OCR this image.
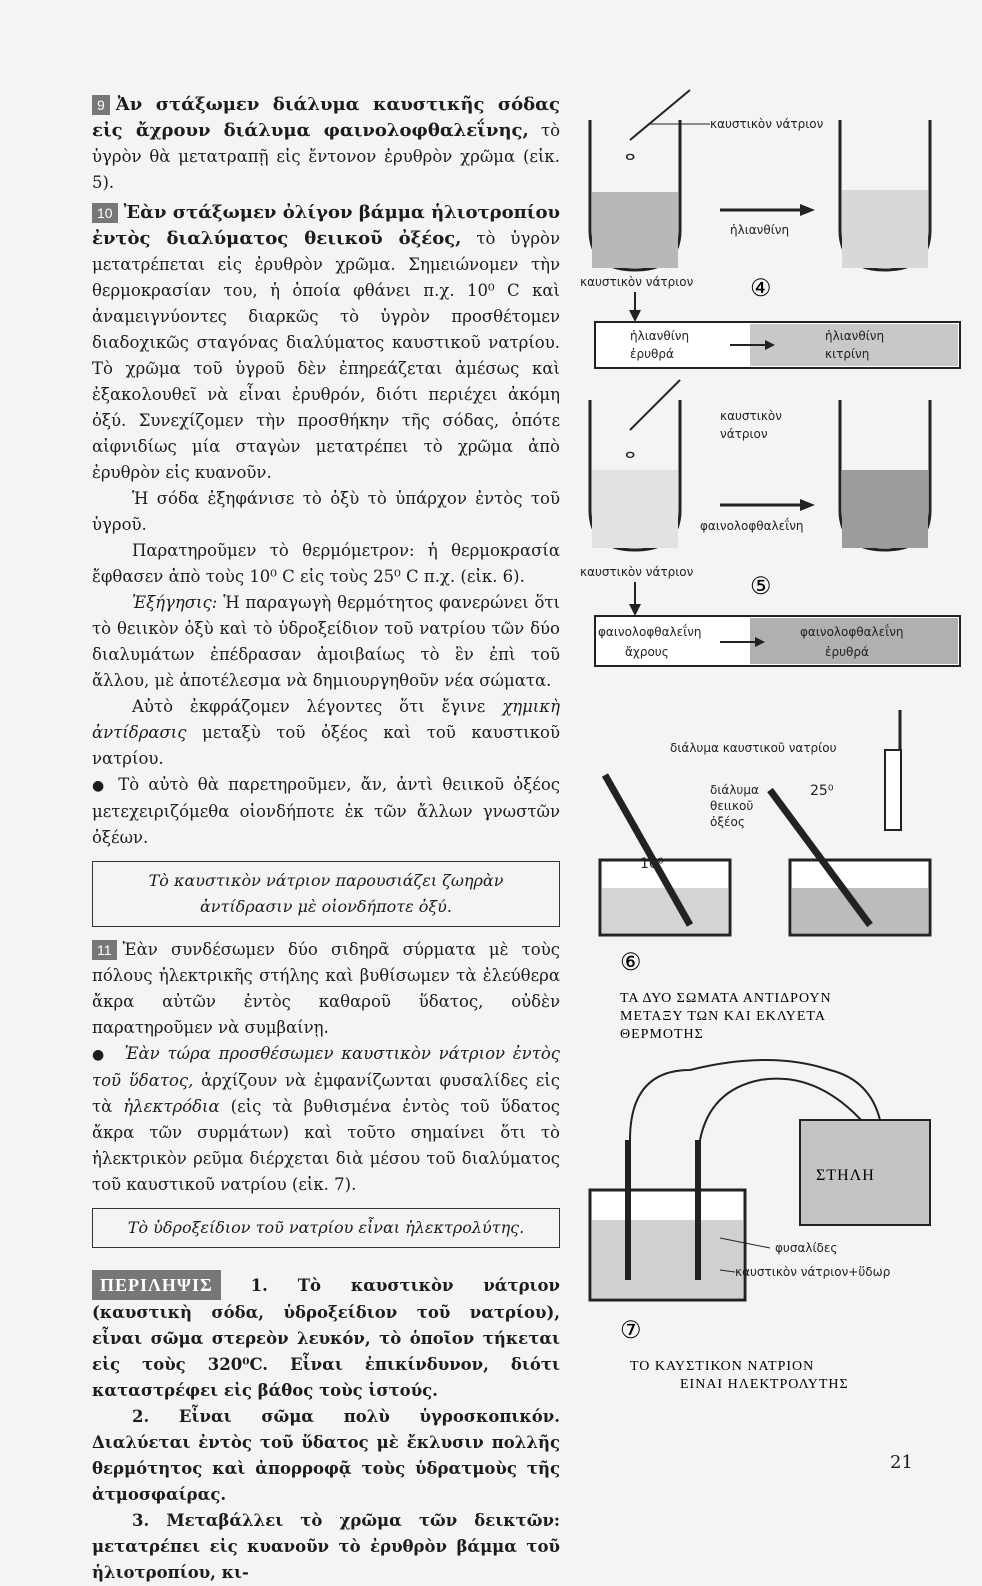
9 Ἀν στάξωμεν διάλυμα καυστικῆς σόδας εἰς ἄχρουν διάλυμα φαινολοφθαλεΐνης, τὸ ὑγρὸν θὰ μετατραπῇ εἰς ἔντονον ἐρυθρὸν χρῶμα (εἰκ. 5).

10 Ἐὰν στάξωμεν ὀλίγον βάμμα ἡλιοτροπίου ἐντὸς διαλύματος θειικοῦ ὀξέος, τὸ ὑγρὸν μετατρέπεται εἰς ἐρυθρὸν χρῶμα. Σημειώνομεν τὴν θερμοκρασίαν του, ἡ ὁποία φθάνει π.χ. 10⁰ C καὶ ἀναμειγνύοντες διαρκῶς τὸ ὑγρὸν προσθέτομεν διαδοχικῶς σταγόνας διαλύματος καυστικοῦ νατρίου. Τὸ χρῶμα τοῦ ὑγροῦ δὲν ἐπηρεάζεται ἀμέσως καὶ ἐξακολουθεῖ νὰ εἶναι ἐρυθρόν, διότι περιέχει ἀκόμη ὀξύ. Συνεχίζομεν τὴν προσθήκην τῆς σόδας, ὁπότε αἰφνιδίως μία σταγὼν μετατρέπει τὸ χρῶμα ἀπὸ ἐρυθρὸν εἰς κυανοῦν.

Ἡ σόδα ἐξηφάνισε τὸ ὀξὺ τὸ ὑπάρχον ἐντὸς τοῦ ὑγροῦ.

Παρατηροῦμεν τὸ θερμόμετρον: ἡ θερμοκρασία ἔφθασεν ἀπὸ τοὺς 10⁰ C εἰς τοὺς 25⁰ C π.χ. (εἰκ. 6).

Ἐξήγησις: Ἡ παραγωγὴ θερμότητος φανερώνει ὅτι τὸ θειικὸν ὀξὺ καὶ τὸ ὑδροξείδιον τοῦ νατρίου τῶν δύο διαλυμάτων ἐπέδρασαν ἀμοιβαίως τὸ ἓν ἐπὶ τοῦ ἄλλου, μὲ ἀποτέλεσμα νὰ δημιουργηθοῦν νέα σώματα.

Αὐτὸ ἐκφράζομεν λέγοντες ὅτι ἔγινε χημικὴ ἀντίδρασις μεταξὺ τοῦ ὀξέος καὶ τοῦ καυστικοῦ νατρίου.

● Τὸ αὐτὸ θὰ παρετηροῦμεν, ἄν, ἀντὶ θειικοῦ ὀξέος μετεχειριζόμεθα οἱονδήποτε ἐκ τῶν ἄλλων γνωστῶν ὀξέων.

Τὸ καυστικὸν νάτριον παρουσιάζει ζωηρὰν ἀντίδρασιν μὲ οἱονδήποτε ὀξύ.

11 Ἐὰν συνδέσωμεν δύο σιδηρᾶ σύρματα μὲ τοὺς πόλους ἠλεκτρικῆς στήλης καὶ βυθίσωμεν τὰ ἐλεύθερα ἄκρα αὐτῶν ἐντὸς καθαροῦ ὕδατος, οὐδὲν παρατηροῦμεν νὰ συμβαίνῃ.

● Ἐὰν τώρα προσθέσωμεν καυστικὸν νάτριον ἐντὸς τοῦ ὕδατος, ἀρχίζουν νὰ ἐμφανίζωνται φυσαλίδες εἰς τὰ ἠλεκτρόδια (εἰς τὰ βυθισμένα ἐντὸς τοῦ ὕδατος ἄκρα τῶν συρμάτων) καὶ τοῦτο σημαίνει ὅτι τὸ ἠλεκτρικὸν ρεῦμα διέρχεται διὰ μέσου τοῦ διαλύματος τοῦ καυστικοῦ νατρίου (εἰκ. 7).

Τὸ ὑδροξείδιον τοῦ νατρίου εἶναι ἠλεκτρολύτης.

ΠΕΡΙΛΗΨΙΣ 1. Τὸ καυστικὸν νάτριον (καυστικὴ σόδα, ὑδροξείδιον τοῦ νατρίου), εἶναι σῶμα στερεὸν λευκόν, τὸ ὁποῖον τήκεται εἰς τοὺς 320⁰C. Εἶναι ἐπικίνδυνον, διότι καταστρέφει εἰς βάθος τοὺς ἱστούς.

2. Εἶναι σῶμα πολὺ ὑγροσκοπικόν. Διαλύεται ἐντὸς τοῦ ὕδατος μὲ ἔκλυσιν πολλῆς θερμότητος καὶ ἀπορροφᾷ τοὺς ὑδρατμοὺς τῆς ἀτμοσφαίρας.

3. Μεταβάλλει τὸ χρῶμα τῶν δεικτῶν: μετατρέπει εἰς κυανοῦν τὸ ἐρυθρὸν βάμμα τοῦ ἡλιοτροπίου, κι-

ⴰ
καυστικὸν νάτριον
ἡλιανθίνη
καυστικὸν νάτριον ④
ἡλιανθίνη
ἐρυθρά
ἡλιανθίνη
κιτρίνη
ⴰ
καυστικὸν
νάτριον
φαινολοφθαλεΐνη
καυστικὸν νάτριον ⑤
φαινολοφθαλεΐνη
ἄχρους
φαινολοφθαλεΐνη
ἐρυθρά
διάλυμα καυστικοῦ νατρίου
διάλυμα
θειικοῦ
ὀξέος
10⁰
25⁰
⑥
ΤΑ ΔΥΟ ΣΩΜΑΤΑ ΑΝΤΙΔΡΟΥΝ
ΜΕΤΑΞΥ ΤΩΝ ΚΑΙ ΕΚΛΥΕΤΑ
ΘΕΡΜΟΤΗΣ
ΣΤΗΛΗ
φυσαλίδες
καυστικὸν νάτριον+ὕδωρ
⑦
ΤΟ ΚΑΥΣΤΙΚΟΝ ΝΑΤΡΙΟΝ
ΕΙΝΑΙ ΗΛΕΚΤΡΟΛΥΤΗΣ
21
